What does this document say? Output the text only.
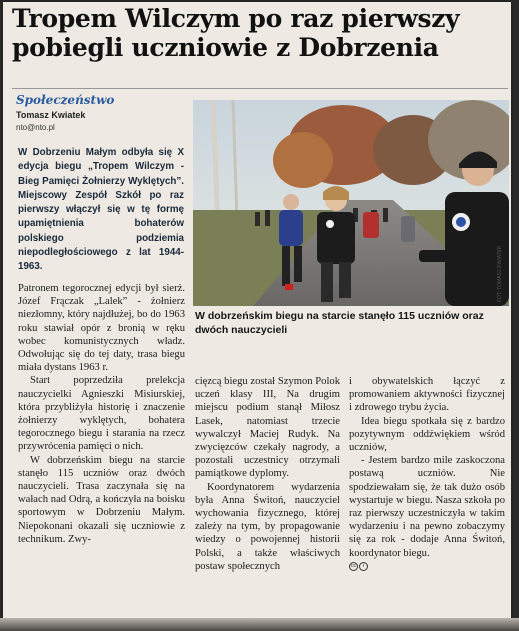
Tropem Wilczym po raz pierwszy pobiegli uczniowie z Dobrzenia
Społeczeństwo
Tomasz Kwiatek
nto@nto.pl

W Dobrzeniu Małym odbyła się X edycja biegu „Tropem Wilczym - Bieg Pamięci Żołnierzy Wyklętych”. Miejscowy Zespół Szkół po raz pierwszy włączył się w tę formę upamiętnienia bohaterów polskiego podziemia niepodległościowego z lat 1944-1963.

Patronem tegorocznej edycji był sierż. Józef Frączak „Lalek” - żołnierz niezłomny, który najdłużej, bo do 1963 roku stawiał opór z bronią w ręku wobec komunistycznych władz. Odwołując się do tej daty, trasa biegu miała dystans 1963 r.

Start poprzedziła prelekcja nauczycielki Agnieszki Misiurskiej, która przybliżyła historię i znaczenie żołnierzy wyklętych, bohatera tegorocznego biegu i starania na rzecz przywrócenia pamięci o nich.

W dobrzeńskim biegu na starcie stanęło 115 uczniów oraz dwóch nauczycieli. Trasa zaczynała się na wałach nad Odrą, a kończyła na boisku sportowym w Dobrzeniu Małym. Niepokonani okazali się uczniowie z technikum. Zwy-

FOT. TOMASZ KWIATEK

W dobrzeńskim biegu na starcie stanęło 115 uczniów oraz dwóch nauczycieli

cięzcą biegu został Szymon Polok uczeń klasy III, Na drugim miejscu podium stanął Miłosz Lasek, natomiast trzecie wywalczył Maciej Rudyk. Na zwycięzców czekały nagrody, a pozostali uczestnicy otrzymali pamiątkowe dyplomy.

Koordynatorem wydarzenia była Anna Świtoń, nauczyciel wychowania fizycznego, której zależy na tym, by propagowanie wiedzy o powojennej historii Polski, a także właściwych postaw społecznych

i obywatelskich łączyć z promowaniem aktywności fizycznej i zdrowego trybu życia.

Idea biegu spotkała się z bardzo pozytywnym oddźwiękiem wśród uczniów,

- Jestem bardzo mile zaskoczona postawą uczniów. Nie spodziewałam się, że tak dużo osób wystartuje w biegu. Nasza szkoła po raz pierwszy uczestniczyła w takim wydarzeniu i na pewno zobaczymy się za rok - dodaje Anna Świtoń, koordynator biegu.

cc i
